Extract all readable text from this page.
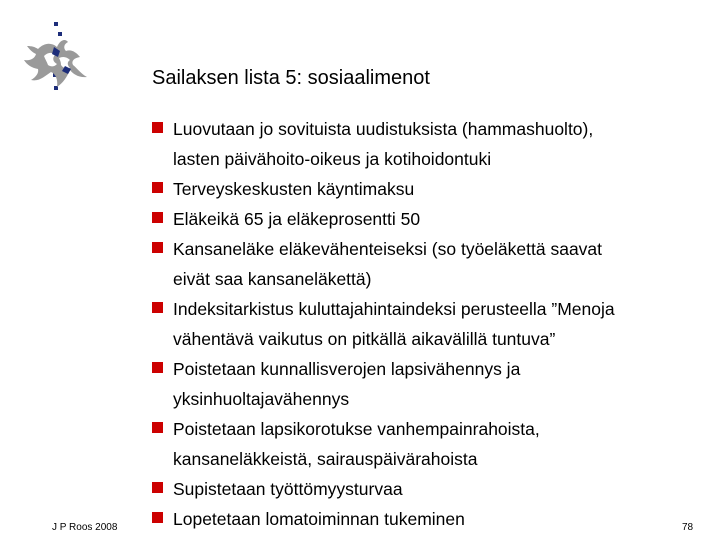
Sailaksen lista 5: sosiaalimenot
Luovutaan jo sovituista uudistuksista (hammashuolto),
lasten päivähoito-oikeus ja kotihoidontuki
Terveyskeskusten käyntimaksu
Eläkeikä 65 ja eläkeprosentti 50
Kansaneläke eläkevähenteiseksi (so työeläkettä saavat
eivät saa kansaneläkettä)
Indeksitarkistus kuluttajahintaindeksi perusteella ”Menoja
vähentävä vaikutus on pitkällä aikavälillä tuntuva”
Poistetaan kunnallisverojen lapsivähennys ja
yksinhuoltajavähennys
Poistetaan lapsikorotukse vanhempainrahoista,
kansaneläkkeistä, sairauspäivärahoista
Supistetaan työttömyysturvaa
Lopetetaan lomatoiminnan tukeminen
J P Roos 2008	78
